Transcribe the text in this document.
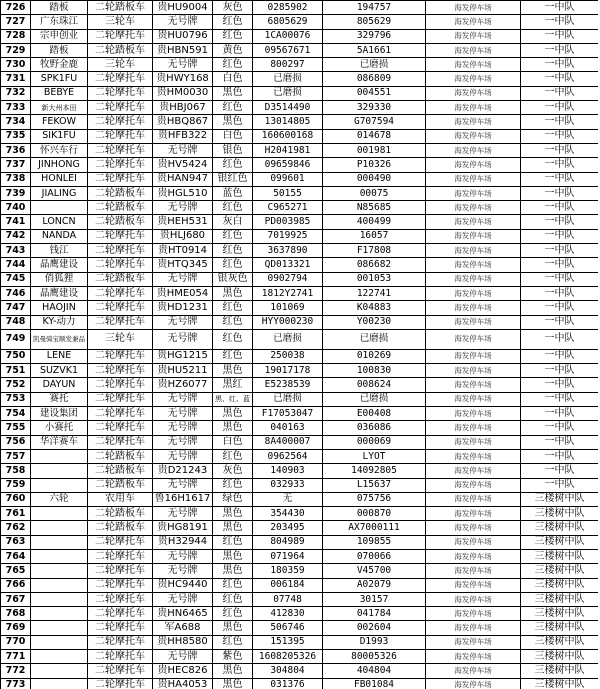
726	踏板	二轮踏板车	贵HU9004	灰色	0285902	194757	海发停车场	一中队
727	广东珠江	三轮车	无号牌	红色	6805629	805629	海发停车场	一中队
728	宗申创业	二轮摩托车	贵HU0796	红色	1CA00076	329796	海发停车场	一中队
729	踏板	二轮踏板车	贵HBN591	黄色	09567671	5A1661	海发停车场	一中队
730	牧野金鹿	三轮车	无号牌	红色	800297	已磨损	海发停车场	一中队
731	SPK1FU	二轮摩托车	贵HWY168	白色	已磨损	086809	海发停车场	一中队
732	BEBYE	二轮摩托车	贵HM0030	黑色	已磨损	004551	海发停车场	一中队
733	新大州本田	二轮摩托车	贵HBJ067	红色	D3514490	329330	海发停车场	一中队
734	FEKOW	二轮摩托车	贵HBQ867	黑色	13014805	G707594	海发停车场	一中队
735	SIK1FU	二轮摩托车	贵HFB322	白色	160600168	014678	海发停车场	一中队
736	怀兴车行	二轮摩托车	无号牌	银色	H2041981	001981	海发停车场	一中队
737	JINHONG	二轮摩托车	贵HV5424	红色	09659846	P10326	海发停车场	一中队
738	HONLEI	二轮摩托车	贵HAN947	银红色	099601	000490	海发停车场	一中队
739	JIALING	二轮踏板车	贵HGL510	蓝色	50155	00075	海发停车场	一中队
740		二轮踏板车	无号牌	红色	C965271	N85685	海发停车场	一中队
741	LONCN	二轮踏板车	贵HEH531	灰白	PD003985	400499	海发停车场	一中队
742	NANDA	二轮摩托车	贵HLJ680	红色	7019925	16057	海发停车场	一中队
743	钱江	二轮摩托车	贵HT0914	红色	3637890	F17808	海发停车场	一中队
744	晶鹰建设	二轮摩托车	贵HTQ345	红色	QD013321	086682	海发停车场	一中队
745	俏狐狸	二轮踏板车	无号牌	银灰色	0902794	001053	海发停车场	一中队
746	晶鹰建设	二轮摩托车	贵HME054	黑色	1812Y2741	122741	海发停车场	一中队
747	HAOJIN	二轮摩托车	贵HD1231	红色	101069	K04883	海发停车场	一中队
748	KY-动力	二轮摩托车	无号牌	红色	HYY000230	Y00230	海发停车场	一中队
749	凯曼骑宝顺发兼品	三轮车	无号牌	红色	已磨损	已磨损	海发停车场	一中队
750	LENE	二轮摩托车	贵HG1215	红色	250038	010269	海发停车场	一中队
751	SUZVK1	二轮摩托车	贵HU5211	黑色	19017178	100830	海发停车场	一中队
752	DAYUN	二轮摩托车	贵HZ6077	黑红	E5238539	008624	海发停车场	一中队
753	赛托	二轮摩托车	无号牌	黑、红、蓝	已磨损	已磨损	海发停车场	一中队
754	建设集团	二轮摩托车	无号牌	黑色	F17053047	E00408	海发停车场	一中队
755	小赛托	二轮摩托车	无号牌	黑色	040163	036086	海发停车场	一中队
756	华洋赛车	二轮摩托车	无号牌	白色	8A400007	000069	海发停车场	一中队
757		二轮踏板车	无号牌	红色	0962564	LYOT	海发停车场	一中队
758		二轮踏板车	贵D21243	灰色	140903	14092805	海发停车场	一中队
759		二轮踏板车	无号牌	红色	032933	L15637	海发停车场	一中队
760	六轮	农用车	鲁16H1617	绿色	无	075756	海发停车场	三楼树中队
761		二轮踏板车	无号牌	黑色	354430	000870	海发停车场	三楼树中队
762		二轮踏板车	贵HG8191	黑色	203495	AX7000111	海发停车场	三楼树中队
763		二轮摩托车	贵H32944	红色	804989	109855	海发停车场	三楼树中队
764		二轮摩托车	无号牌	黑色	071964	070066	海发停车场	三楼树中队
765		二轮摩托车	无号牌	黑色	180359	V45700	海发停车场	三楼树中队
766		二轮摩托车	贵HC9440	红色	006184	A02079	海发停车场	三楼树中队
767		二轮摩托车	无号牌	红色	07748	30157	海发停车场	三楼树中队
768		二轮摩托车	贵HN6465	红色	412830	041784	海发停车场	三楼树中队
769		二轮摩托车	军A688	黑色	506746	002604	海发停车场	三楼树中队
770		二轮摩托车	贵HH8580	红色	151395	D1993	海发停车场	三楼树中队
771		二轮摩托车	无号牌	紫色	1608205326	80005326	海发停车场	三楼树中队
772		二轮摩托车	贵HEC826	黑色	304804	404804	海发停车场	三楼树中队
773		二轮摩托车	贵HA4053	黑色	031376	FB01084	海发停车场	三楼树中队
